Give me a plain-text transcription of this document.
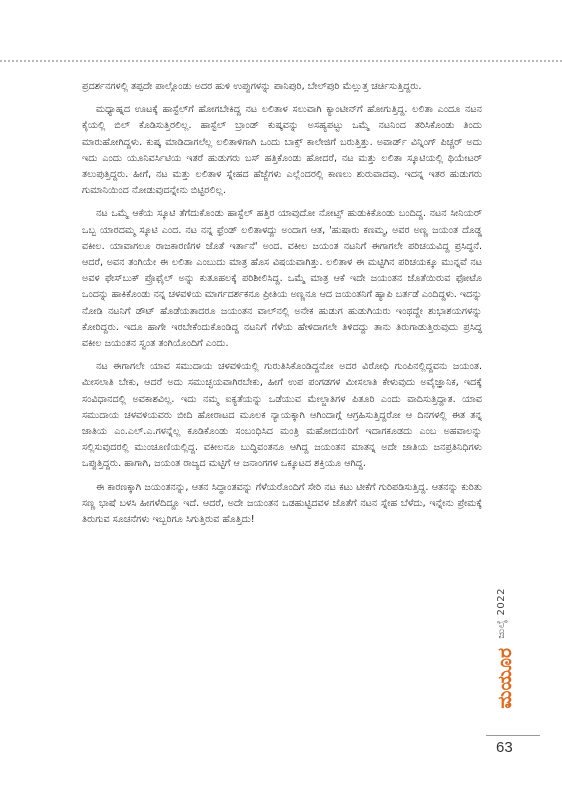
ಪ್ರದರ್ಶನಗಳಲ್ಲಿ ತಪ್ಪದೇ ಪಾಲ್ಗೊಂಡು ಅದರ ಹುಳಿ ಉಪ್ಪುಗಳನ್ನು ಪಾನಿಪುರಿ, ಬೇಲ್‌ಪುರಿ ಮೆಲ್ಲುತ್ತ ಚರ್ಚಿಸುತ್ತಿದ್ದರು.

ಮಧ್ಯಾಹ್ನದ ಊಟಕ್ಕೆ ಹಾಸ್ಟೆಲ್‌ಗೆ ಹೋಗಬೇಕಿದ್ದ ನಟ ಲಲಿತಾಳ ಸಲುವಾಗಿ ಕ್ಯಾಂಟೀನ್‌ಗೆ ಹೋಗುತ್ತಿದ್ದ. ಲಲಿತಾ ಎಂದೂ ನಟನ ಕೈಯಲ್ಲಿ ಬಿಲ್ ಕೊಡಿಸುತ್ತಿರಲಿಲ್ಲ. ಹಾಸ್ಟೆಲ್ ಬ್ರಾಂಡ್ ಕುಷ್ಕವನ್ನು ಅಸಹ್ಯಪಟ್ಟು ಒಮ್ಮೆ ನಟನಿಂದ ತರಿಸಿಕೊಂಡು ತಿಂದು ಮಾರುಹೋಗಿದ್ದಳು. ಕುಷ್ಕ ಮಾಡಿದಾಗಲೆಲ್ಲ ಲಲಿತಾಳಿಗಾಗಿ ಒಂದು ಬಾಕ್ಸ್ ಕಾಲೇಜಿಗೆ ಬರುತ್ತಿತ್ತು. ಅವಾರ್ಡ್ ವಿನ್ನಿಂಗ್ ಪಿಚ್ಚರ್ ಅದು ಇದು ಎಂದು ಯೂನಿವರ್ಸಿಟಿಯ ಇತರೆ ಹುಡುಗರು ಬಸ್ ಹತ್ತಿಕೊಂಡು ಹೋದರೆ, ನಟ ಮತ್ತು ಲಲಿತಾ ಸ್ಕೂಟಿಯಲ್ಲಿ ಥಿಯೇಟರ್ ತಲುಪುತ್ತಿದ್ದರು. ಹೀಗೆ, ನಟ ಮತ್ತು ಲಲಿತಾಳ ಸ್ನೇಹದ ಹೆಜ್ಜೆಗಳು ಎಲ್ಲೆಂದರಲ್ಲಿ ಕಾಣಲು ಶುರುವಾದವು. ಇದನ್ನ ಇತರ ಹುಡುಗರು ಗುಮಾನಿಯಿಂದ ನೋಡುವುದನ್ನೇನು ಬಿಟ್ಟಿರಲಿಲ್ಲ.

ನಟ ಒಮ್ಮೆ ಆಕೆಯ ಸ್ಕೂಟಿ ತೆಗೆದುಕೊಂಡು ಹಾಸ್ಟೆಲ್ ಹತ್ತಿರ ಯಾವುದೋ ನೋಟ್ಸ್ ಹುಡುಕಿಕೊಂಡು ಬಂದಿದ್ದ. ನಟನ ಸೀನಿಯರ್ ಒಬ್ಬ ಯಾರದಮ್ಮ ಸ್ಕೂಟಿ ಎಂದ. ನಟ ನನ್ನ ಫ್ರೆಂಡ್ ಲಲಿತಾಳದ್ದು ಅಂದಾಗ ಆತ, 'ಹುಷಾರು ಕಣಮ್ಮ, ಅವರ ಅಣ್ಣ ಜಯಂತ ದೊಡ್ಡ ವಕೀಲ. ಯಾವಾಗಲೂ ರಾಜಕಾರಣಿಗಳ ಜೊತೆ ಇರ್ತಾನೆ' ಅಂದ. ವಕೀಲ ಜಯಂತ ನಟನಿಗೆ ಈಗಾಗಲೇ ಪರಿಚಯವಿದ್ದ ಪ್ರಸಿದ್ಧನೆ. ಆದರೆ, ಅವನ ತಂಗಿಯೇ ಈ ಲಲಿತಾ ಎಂಬುದು ಮಾತ್ರ ಹೊಸ ವಿಷಯವಾಗಿತ್ತು. ಲಲಿತಾಳ ಈ ಮಟ್ಟಿಗಿನ ಪರಿಚಯಕ್ಕೂ ಮುನ್ನವೆ ನಟ ಅವಳ ಫೇಸ್‌ಬುಕ್ ಪ್ರೊಫೈಲ್ ಅನ್ನು ಕುತೂಹಲಕ್ಕೆ ಪರಿಶೀಲಿಸಿದ್ದ. ಒಮ್ಮೆ ಮಾತ್ರ ಆಕೆ ಇದೇ ಜಯಂತನ ಜೊತೆಯಿರುವ ಫೋಟೊ ಒಂದನ್ನು ಹಾಕಿಕೊಂಡು ನನ್ನ ಚಳವಳಿಯ ಮಾರ್ಗದರ್ಶಕನೂ ಪ್ರೀತಿಯ ಅಣ್ಣನೂ ಆದ ಜಯಂತನಿಗೆ ಹ್ಯಾಪಿ ಬರ್ತಡೆ ಎಂದಿದ್ದಳು. ಇದನ್ನು ನೋಡಿ ನಟನಿಗೆ ಡೌಟ್ ಹೊಡೆಯತಾದರೂ ಜಯಂತನ ವಾಲ್‌ನಲ್ಲಿ ಅನೇಕ ಹುಡುಗ ಹುಡುಗಿಯರು ಇಂಥದ್ದೇ ಶುಭಾಶಯಗಳನ್ನು ಕೋರಿದ್ದರು. ಇದೂ ಹಾಗೇ ಇರಬೇಕೆಂದುಕೊಂಡಿದ್ದ ನಟನಿಗೆ ಗೆಳೆಯ ಹೇಳಿದಾಗಲೇ ತಿಳಿದದ್ದು ತಾನು ತಿರುಗಾಡುತ್ತಿರುವುದು ಪ್ರಸಿದ್ಧ ವಕೀಲ ಜಯಂತನ ಸ್ವಂತ ತಂಗಿಯೊಂದಿಗೆ ಎಂದು.

ನಟ ಈಗಾಗಲೇ ಯಾವ ಸಮುದಾಯ ಚಳವಳಿಯಲ್ಲಿ ಗುರುತಿಸಿಕೊಂಡಿದ್ದನೋ ಅದರ ವಿರೋಧಿ ಗುಂಪಿನಲ್ಲಿದ್ದವನು ಜಯಂತ. ಮೀಸಲಾತಿ ಬೇಕು, ಆದರೆ ಅದು ಸಮುಚ್ಛಯವಾಗಿರಬೇಕು, ಹೀಗೆ ಉಪ ಪಂಗಡಗಳ ಮೀಸಲಾತಿ ಕೇಳುವುದು ಅವೈಜ್ಞಾನಿಕ, ಇದಕ್ಕೆ ಸಂವಿಧಾನದಲ್ಲಿ ಅವಕಾಶವಿಲ್ಲ. ಇದು ನಮ್ಮ ಐಕ್ಯತೆಯನ್ನು ಒಡೆಯುವ ಮೇಲ್ಜಾತಿಗಳ ಪಿತೂರಿ ಎಂದು ವಾದಿಸುತ್ತಿದ್ದಾತ. ಯಾವ ಸಮುದಾಯ ಚಳವಳಿಯವರು ಬೀದಿ ಹೋರಾಟದ ಮೂಲಕ ನ್ಯಾಯಕ್ಕಾಗಿ ಆಗಿಂದಾಗ್ಗೆ ಆಗ್ರಹಿಸುತ್ತಿದ್ದರೋ ಆ ದಿನಗಳಲ್ಲಿ ಈತ ತನ್ನ ಜಾತಿಯ ಎಂ.ಎಲ್.ಎ.ಗಳನ್ನೆಲ್ಲ ಕೂಡಿಕೊಂಡು ಸಂಬಂಧಿಸಿದ ಮಂತ್ರಿ ಮಹೋದಯರಿಗೆ ಇದಾಗಕೂಡದು ಎಂಬ ಅಹವಾಲನ್ನು ಸಲ್ಲಿಸುವುದರಲ್ಲಿ ಮುಂಚೂಣಿಯಲ್ಲಿದ್ದ. ವಕೀಲನೂ ಬುದ್ಧಿವಂತನೂ ಆಗಿದ್ದ ಜಯಂತನ ಮಾತನ್ನ ಅದೇ ಜಾತಿಯ ಜನಪ್ರತಿನಿಧಿಗಳು ಒಪ್ಪುತ್ತಿದ್ದರು. ಹಾಗಾಗಿ, ಜಯಂತ ರಾಜ್ಯದ ಮಟ್ಟಿಗೆ ಆ ಜನಾಂಗಗಳ ಒಕ್ಕೂಟದ ಶಕ್ತಿಯೂ ಆಗಿದ್ದ.

ಈ ಕಾರಣಕ್ಕಾಗಿ ಜಯಂತನನ್ನು, ಆತನ ಸಿದ್ಧಾಂತವನ್ನು ಗೆಳೆಯರೊಂದಿಗೆ ಸೇರಿ ನಟ ಕಟು ಟೀಕೆಗೆ ಗುರಿಪಡಿಸುತ್ತಿದ್ದ. ಆತನನ್ನು ಕುರಿತು ಸಣ್ಣ ಭಾಷೆ ಬಳಸಿ ಹೀಗಳೆದಿದ್ದೂ ಇದೆ. ಆದರೆ, ಅದೇ ಜಯಂತನ ಒಡಹುಟ್ಟಿದವಳ ಜೊತೆಗೆ ನಟನ ಸ್ನೇಹ ಬೆಳೆದು, ಇನ್ನೇನು ಪ್ರೇಮಕ್ಕೆ ತಿರುಗುವ ಸೂಚನೆಗಳು ಇಬ್ಬರಿಗೂ ಸಿಗುತ್ತಿರುವ ಹೊತ್ತಿದು!

ಜುಲೈ 2022
ಮಯೂರ
63
